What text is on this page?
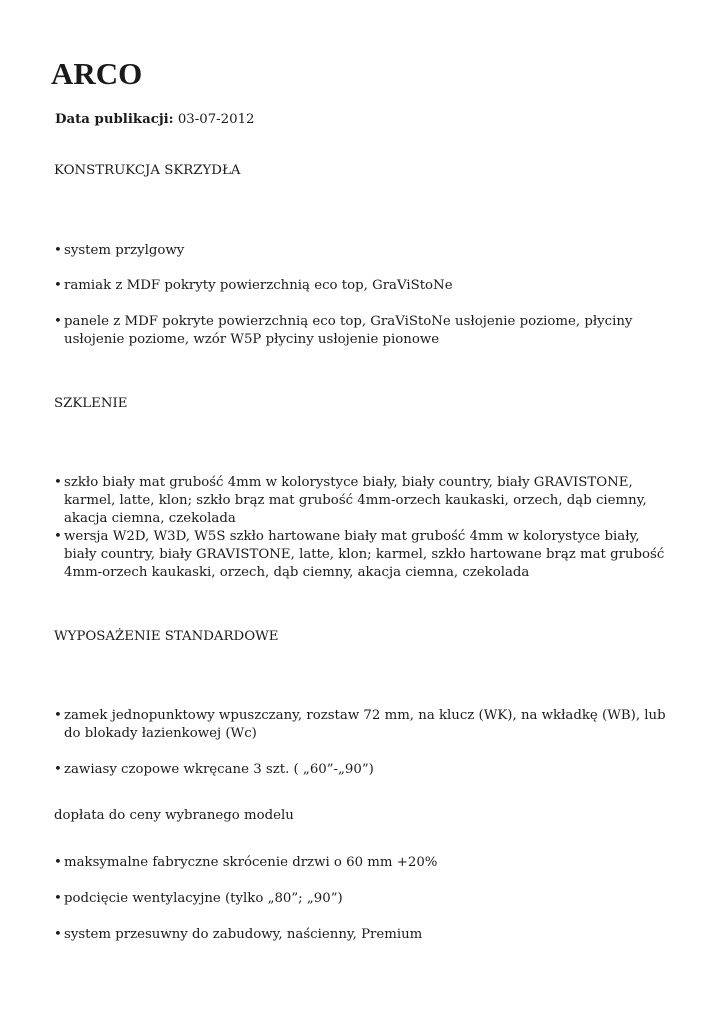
ARCO
Data publikacji: 03-07-2012
KONSTRUKCJA SKRZYDŁA
• system przylgowy
• ramiak z MDF pokryty powierzchnią eco top, GraViStoNe
• panele z MDF pokryte powierzchnią eco top, GraViStoNe usłojenie poziome, płyciny usłojenie poziome, wzór W5P płyciny usłojenie pionowe
SZKLENIE
• szkło biały mat grubość 4mm w kolorystyce biały, biały country, biały GRAVISTONE, karmel, latte, klon; szkło brąz mat grubość 4mm-orzech kaukaski, orzech, dąb ciemny, akacja ciemna, czekolada
• wersja W2D, W3D, W5S szkło hartowane biały mat grubość 4mm w kolorystyce biały, biały country, biały GRAVISTONE, latte, klon; karmel, szkło hartowane brąz mat grubość 4mm-orzech kaukaski, orzech, dąb ciemny, akacja ciemna, czekolada
WYPOSAŻENIE STANDARDOWE
• zamek jednopunktowy wpuszczany, rozstaw 72 mm, na klucz (WK), na wkładkę (WB), lub do blokady łazienkowej (Wc)
• zawiasy czopowe wkręcane 3 szt. ( „60”-„90”)

dopłata do ceny wybranego modelu

• maksymalne fabryczne skrócenie drzwi o 60 mm +20%
• podcięcie wentylacyjne (tylko „80”; „90”)
• system przesuwny do zabudowy, naścienny, Premium
